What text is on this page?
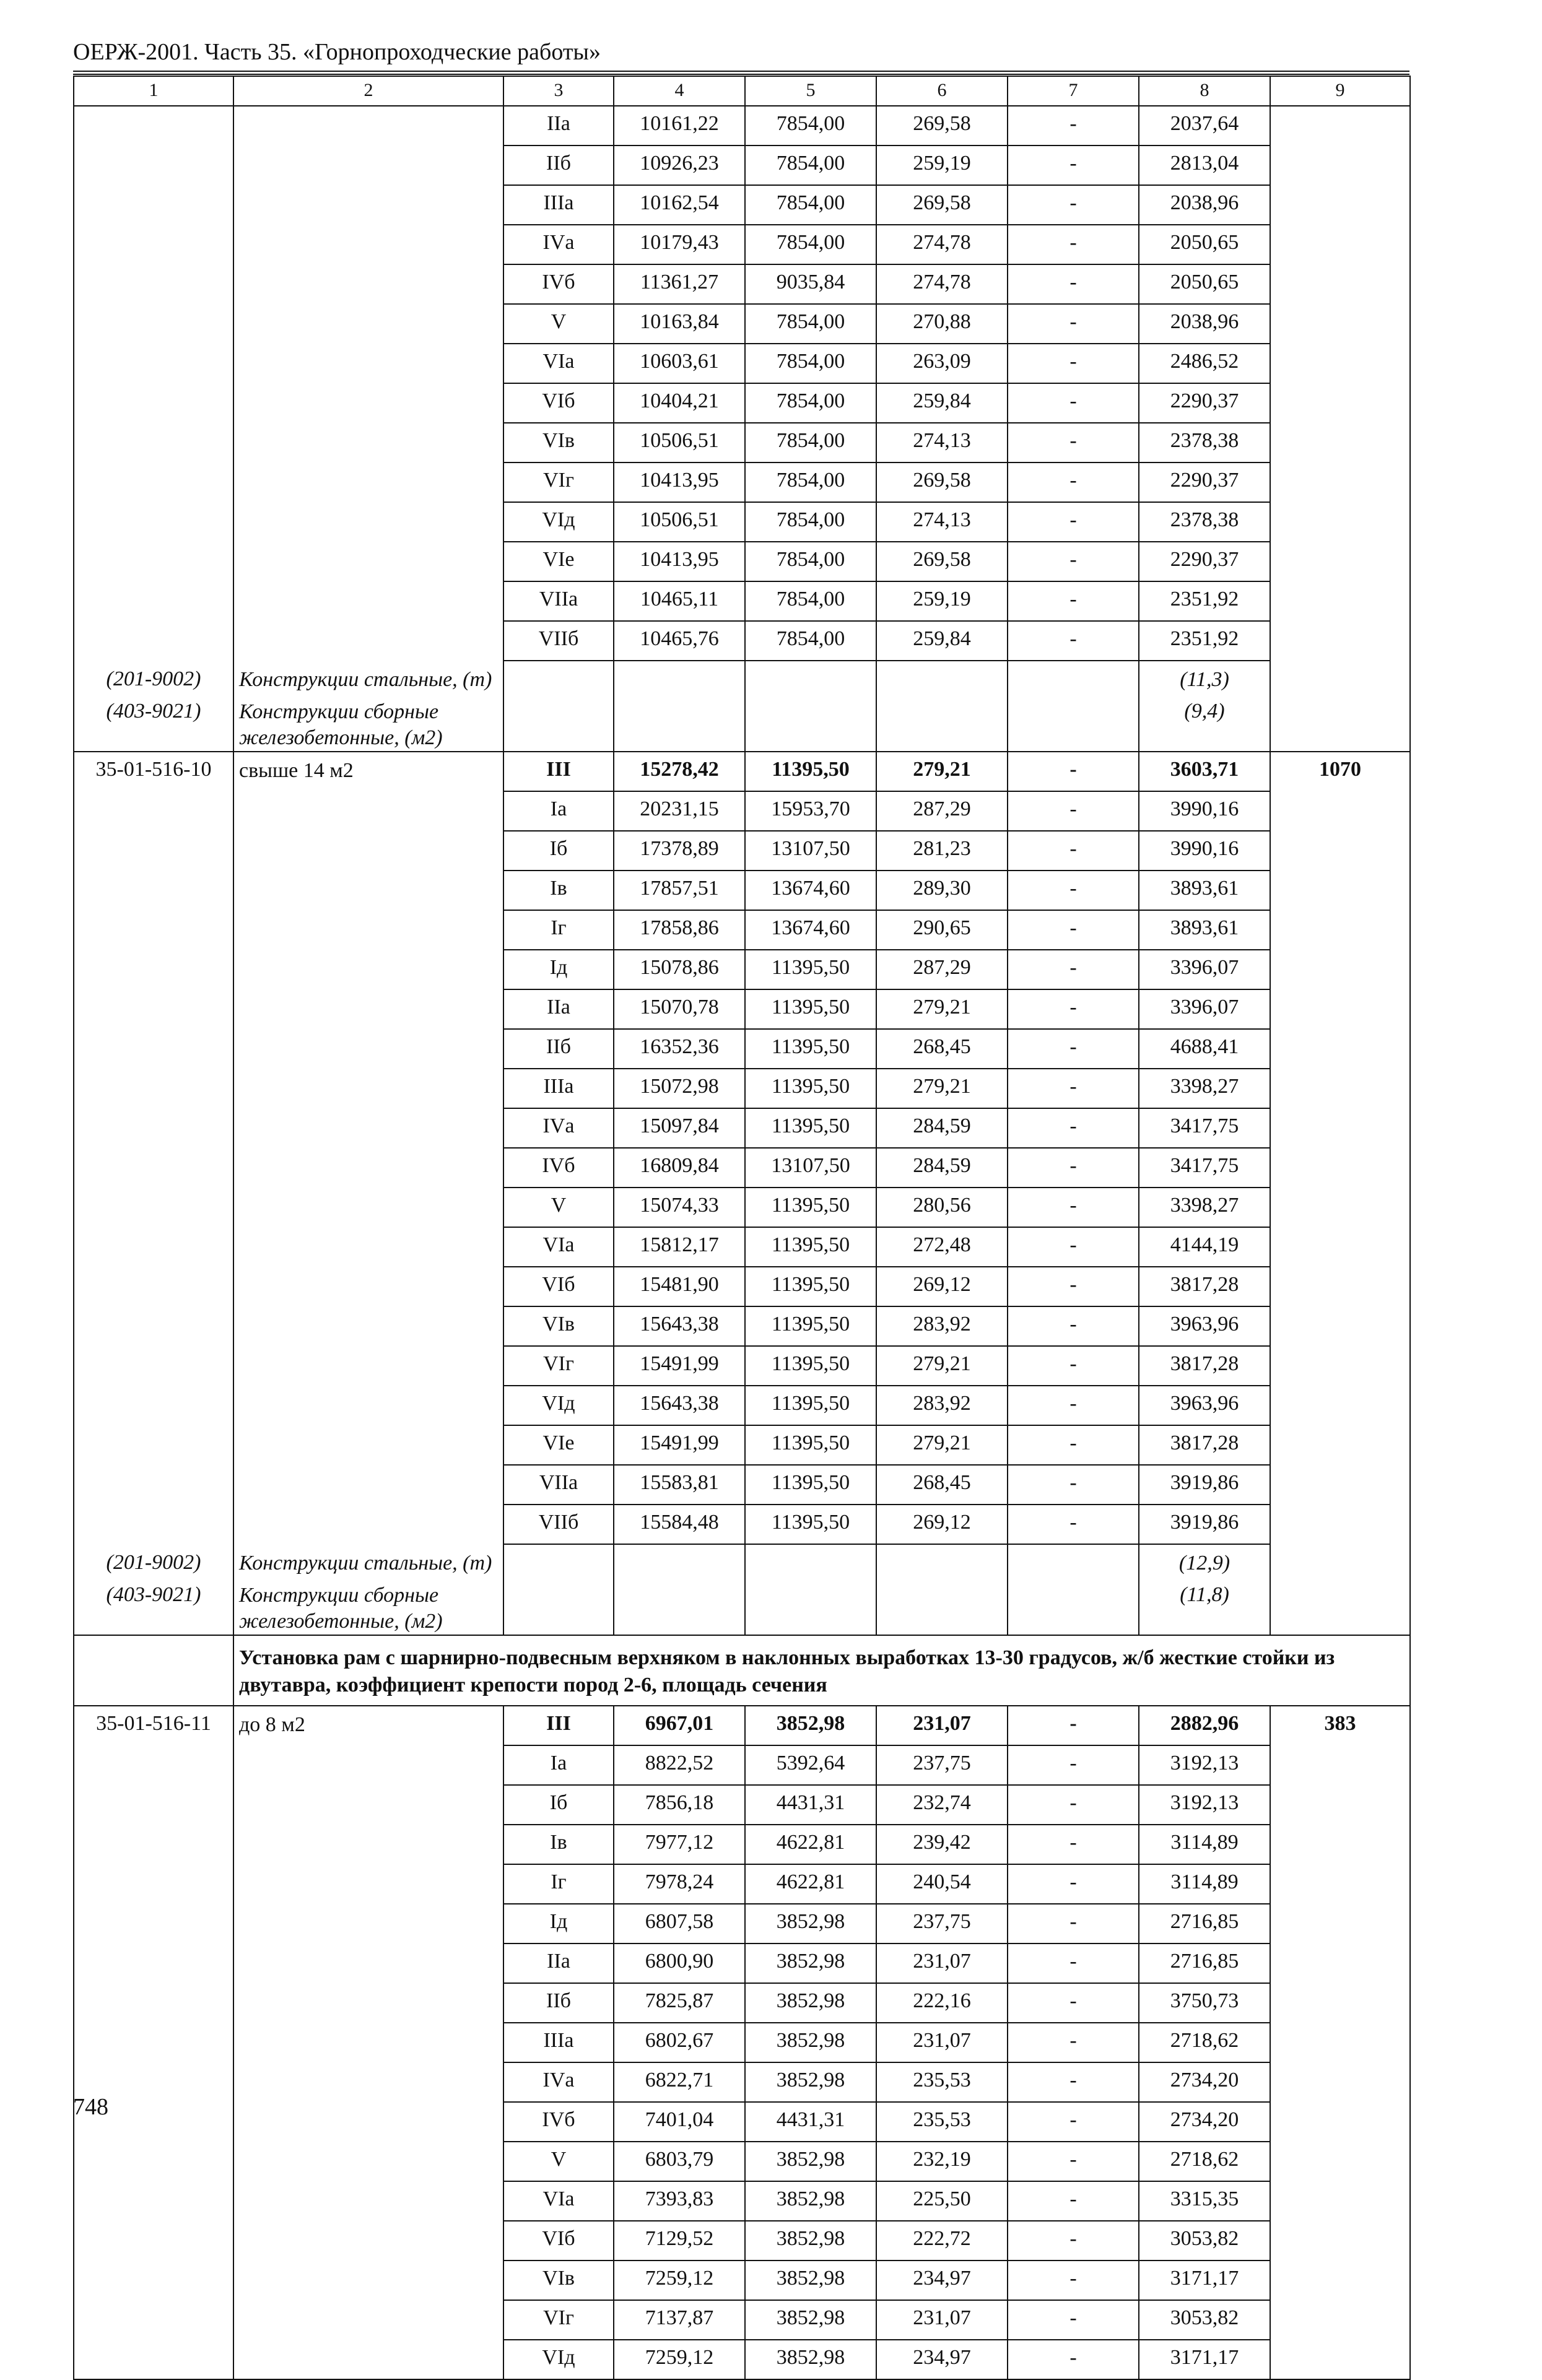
ОЕРЖ-2001. Часть 35. «Горнопроходческие работы»
1	2	3	4	5	6	7	8	9
		IIа	10161,22	7854,00	269,58	-	2037,64	
		IIб	10926,23	7854,00	259,19	-	2813,04	
		IIIа	10162,54	7854,00	269,58	-	2038,96	
		IVа	10179,43	7854,00	274,78	-	2050,65	
		IVб	11361,27	9035,84	274,78	-	2050,65	
		V	10163,84	7854,00	270,88	-	2038,96	
		VIа	10603,61	7854,00	263,09	-	2486,52	
		VIб	10404,21	7854,00	259,84	-	2290,37	
		VIв	10506,51	7854,00	274,13	-	2378,38	
		VIг	10413,95	7854,00	269,58	-	2290,37	
		VIд	10506,51	7854,00	274,13	-	2378,38	
		VIе	10413,95	7854,00	269,58	-	2290,37	
		VIIа	10465,11	7854,00	259,19	-	2351,92	
		VIIб	10465,76	7854,00	259,84	-	2351,92	
(201-9002)	Конструкции стальные, (т)						(11,3)	
(403-9021)	Конструкции сборные железобетонные, (м2)						(9,4)	
35-01-516-10	свыше 14 м2	III	15278,42	11395,50	279,21	-	3603,71	1070
		Iа	20231,15	15953,70	287,29	-	3990,16	
		Iб	17378,89	13107,50	281,23	-	3990,16	
		Iв	17857,51	13674,60	289,30	-	3893,61	
		Iг	17858,86	13674,60	290,65	-	3893,61	
		Iд	15078,86	11395,50	287,29	-	3396,07	
		IIа	15070,78	11395,50	279,21	-	3396,07	
		IIб	16352,36	11395,50	268,45	-	4688,41	
		IIIа	15072,98	11395,50	279,21	-	3398,27	
		IVа	15097,84	11395,50	284,59	-	3417,75	
		IVб	16809,84	13107,50	284,59	-	3417,75	
		V	15074,33	11395,50	280,56	-	3398,27	
		VIа	15812,17	11395,50	272,48	-	4144,19	
		VIб	15481,90	11395,50	269,12	-	3817,28	
		VIв	15643,38	11395,50	283,92	-	3963,96	
		VIг	15491,99	11395,50	279,21	-	3817,28	
		VIд	15643,38	11395,50	283,92	-	3963,96	
		VIе	15491,99	11395,50	279,21	-	3817,28	
		VIIа	15583,81	11395,50	268,45	-	3919,86	
		VIIб	15584,48	11395,50	269,12	-	3919,86	
(201-9002)	Конструкции стальные, (т)						(12,9)	
(403-9021)	Конструкции сборные железобетонные, (м2)						(11,8)	
	Установка рам с шарнирно-подвесным верхняком в наклонных выработках 13-30 градусов, ж/б жесткие стойки из двутавра, коэффициент крепости пород 2-6, площадь сечения							
35-01-516-11	до 8 м2	III	6967,01	3852,98	231,07	-	2882,96	383
		Iа	8822,52	5392,64	237,75	-	3192,13	
		Iб	7856,18	4431,31	232,74	-	3192,13	
		Iв	7977,12	4622,81	239,42	-	3114,89	
		Iг	7978,24	4622,81	240,54	-	3114,89	
		Iд	6807,58	3852,98	237,75	-	2716,85	
		IIа	6800,90	3852,98	231,07	-	2716,85	
		IIб	7825,87	3852,98	222,16	-	3750,73	
		IIIа	6802,67	3852,98	231,07	-	2718,62	
		IVа	6822,71	3852,98	235,53	-	2734,20	
		IVб	7401,04	4431,31	235,53	-	2734,20	
		V	6803,79	3852,98	232,19	-	2718,62	
		VIа	7393,83	3852,98	225,50	-	3315,35	
		VIб	7129,52	3852,98	222,72	-	3053,82	
		VIв	7259,12	3852,98	234,97	-	3171,17	
		VIг	7137,87	3852,98	231,07	-	3053,82	
		VIд	7259,12	3852,98	234,97	-	3171,17	
748
